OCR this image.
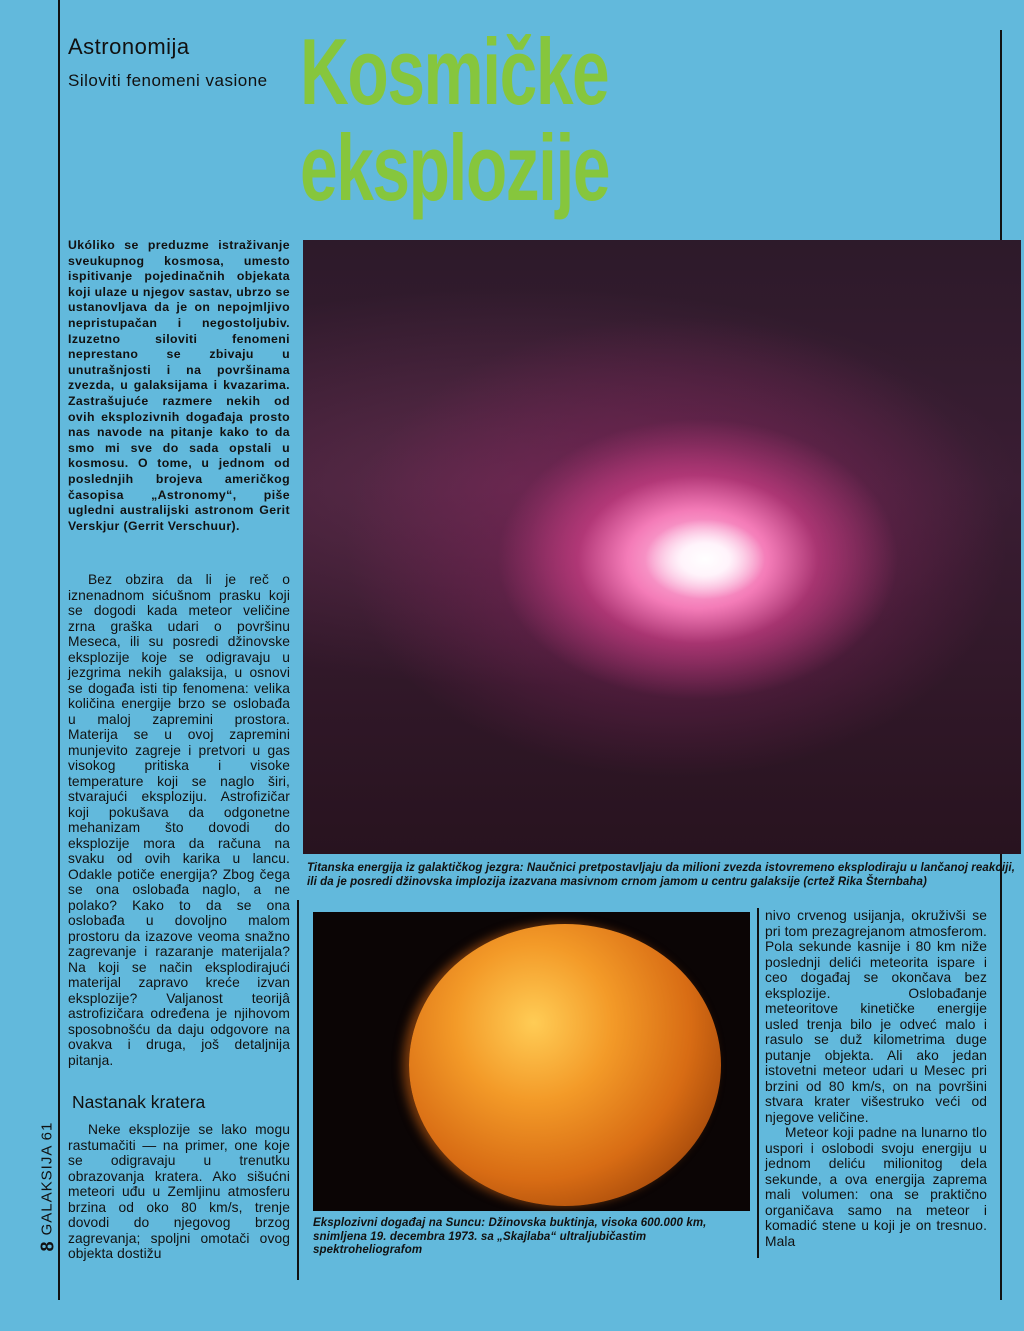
Astronomija
Siloviti fenomeni vasione Kosmičke
eksplozije
Ukóliko se preduzme istraživanje sveukupnog kosmosa, umesto ispitivanje pojedinačnih objekata koji ulaze u njegov sastav, ubrzo se ustanovljava da je on nepojmljivo nepristupačan i negostoljubiv. Izuzetno siloviti fenomeni neprestano se zbivaju u unutrašnjosti i na površinama zvezda, u galaksijama i kvazarima. Zastrašujuće razmere nekih od ovih eksplozivnih događaja prosto nas navode na pitanje kako to da smo mi sve do sada opstali u kosmosu. O tome, u jednom od poslednjih brojeva američkog časopisa „Astronomy“, piše ugledni australijski astronom Gerit Verskjur (Gerrit Verschuur).

Bez obzira da li je reč o iznenadnom sićušnom prasku koji se dogodi kada meteor veličine zrna graška udari o površinu Meseca, ili su posredi džinovske eksplozije koje se odigravaju u jezgrima nekih galaksija, u osnovi se događa isti tip fenomena: velika količina energije brzo se oslobađa u maloj zapremini prostora. Materija se u ovoj zapremini munjevito zagreje i pretvori u gas visokog pritiska i visoke temperature koji se naglo širi, stvarajući eksploziju. Astrofizičar koji pokušava da odgonetne mehanizam što dovodi do eksplozije mora da računa na svaku od ovih karika u lancu. Odakle potiče energija? Zbog čega se ona oslobađa naglo, a ne polako? Kako to da se ona oslobađa u dovoljno malom prostoru da izazove veoma snažno zagrevanje i razaranje materijala? Na koji se način eksplodirajući materijal zapravo kreće izvan eksplozije? Valjanost teorijâ astrofizičara određena je njihovom sposobnošću da daju odgovore na ovakva i druga, još detaljnija pitanja.

Nastanak kratera

Neke eksplozije se lako mogu rastumačiti — na primer, one koje se odigravaju u trenutku obrazovanja kratera. Ako sišućni meteori uđu u Zemljinu atmosferu brzina od oko 80 km/s, trenje dovodi do njegovog brzog zagrevanja; spoljni omotači ovog objekta dostižu

Titanska energija iz galaktičkog jezgra: Naučnici pretpostavljaju da milioni zvezda istovremeno eksplodiraju u lančanoj reakciji, ili da je posredi džinovska implozija izazvana masivnom crnom jamom u centru galaksije (crtež Rika Šternbaha)
Eksplozivni događaj na Suncu: Džinovska buktinja, visoka 600.000 km, snimljena 19. decembra 1973. sa „Skajlaba“ ultraljubičastim spektroheliografom

nivo crvenog usijanja, okruživši se pri tom prezagrejanom atmosferom. Pola sekunde kasnije i 80 km niže poslednji delići meteorita ispare i ceo događaj se okončava bez eksplozije. Oslobađanje meteoritove kinetičke energije usled trenja bilo je odveć malo i rasulo se duž kilometrima duge putanje objekta. Ali ako jedan istovetni meteor udari u Mesec pri brzini od 80 km/s, on na površini stvara krater višestruko veći od njegove veličine.

Meteor koji padne na lunarno tlo uspori i oslobodi svoju energiju u jednom deliću milionitog dela sekunde, a ova energija zaprema mali volumen: ona se praktično organičava samo na meteor i komadić stene u koji je on tresnuo. Mala

GALAKSIJA 61
8
